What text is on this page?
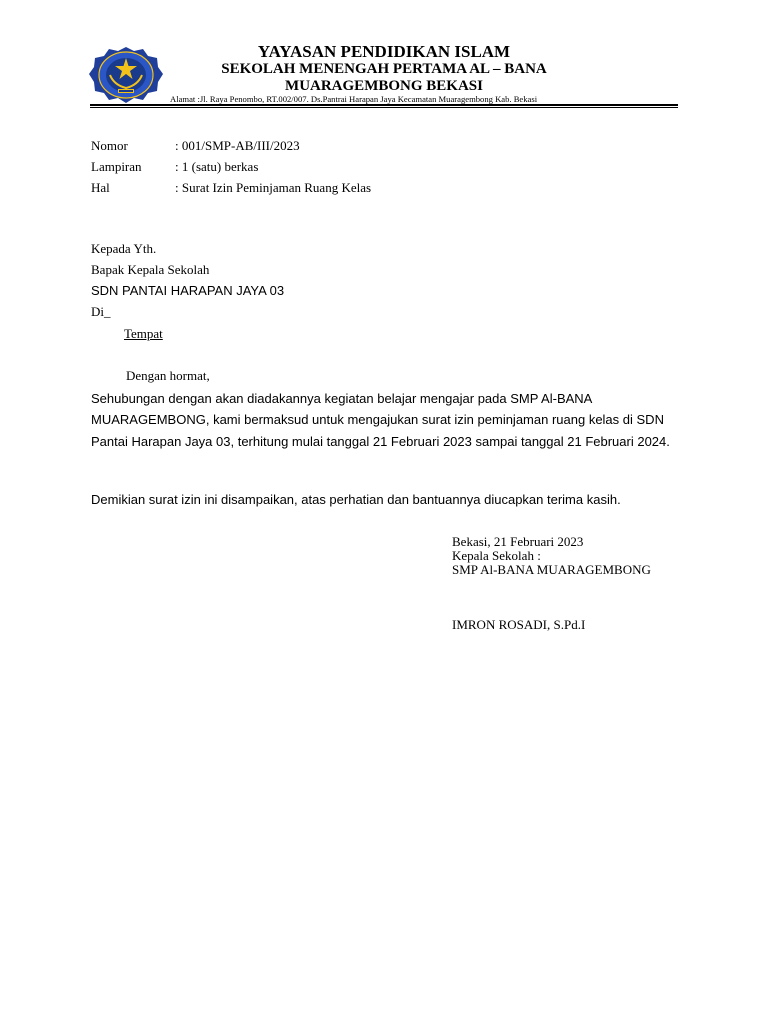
YAYASAN PENDIDIKAN ISLAM
SEKOLAH MENENGAH PERTAMA AL – BANA
MUARAGEMBONG BEKASI
Alamat :Jl. Raya Penombo, RT.002/007. Ds.Pantrai Harapan Jaya Kecamatan Muaragembong Kab. Bekasi
Nomor	: 001/SMP-AB/III/2023
Lampiran	: 1 (satu) berkas
Hal	: Surat Izin Peminjaman Ruang Kelas
Kepada Yth.
Bapak Kepala Sekolah
SDN PANTAI HARAPAN JAYA 03
Di_
Tempat
Dengan hormat,
Sehubungan dengan akan diadakannya kegiatan belajar mengajar pada SMP Al-BANA MUARAGEMBONG, kami bermaksud untuk mengajukan surat izin peminjaman ruang kelas di SDN Pantai Harapan Jaya 03, terhitung mulai tanggal 21 Februari 2023 sampai tanggal 21 Februari 2024.
Demikian surat izin ini disampaikan, atas perhatian dan bantuannya diucapkan terima kasih.
Bekasi, 21 Februari 2023
Kepala Sekolah :
SMP Al-BANA MUARAGEMBONG
IMRON ROSADI, S.Pd.I
